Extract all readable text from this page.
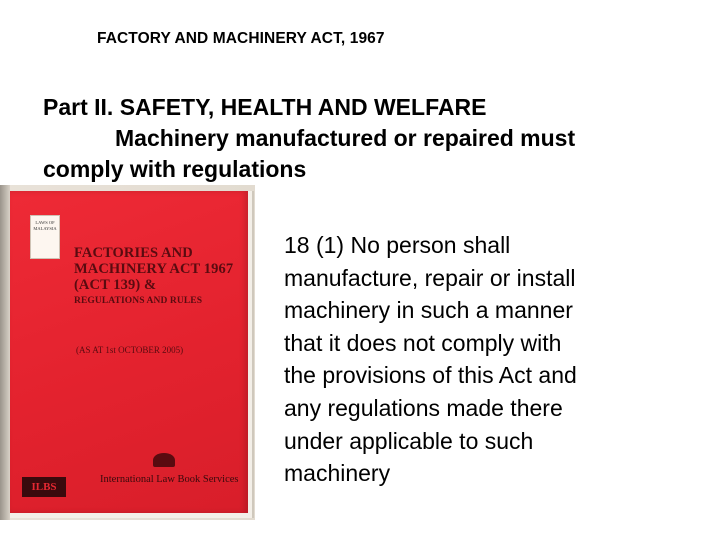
FACTORY AND MACHINERY ACT, 1967
Part II. SAFETY, HEALTH AND WELFARE
Machinery manufactured or repaired must
comply with regulations
LAWS OF MALAYSIA
FACTORIES AND
MACHINERY ACT 1967
(ACT 139) &
REGULATIONS AND RULES
(AS AT 1st OCTOBER 2005)
International Law Book Services
ILBS
18 (1) No person shall
manufacture, repair or install
machinery in such a manner
that it does not comply with
the provisions of this Act and
any regulations made there
under applicable to such
machinery
